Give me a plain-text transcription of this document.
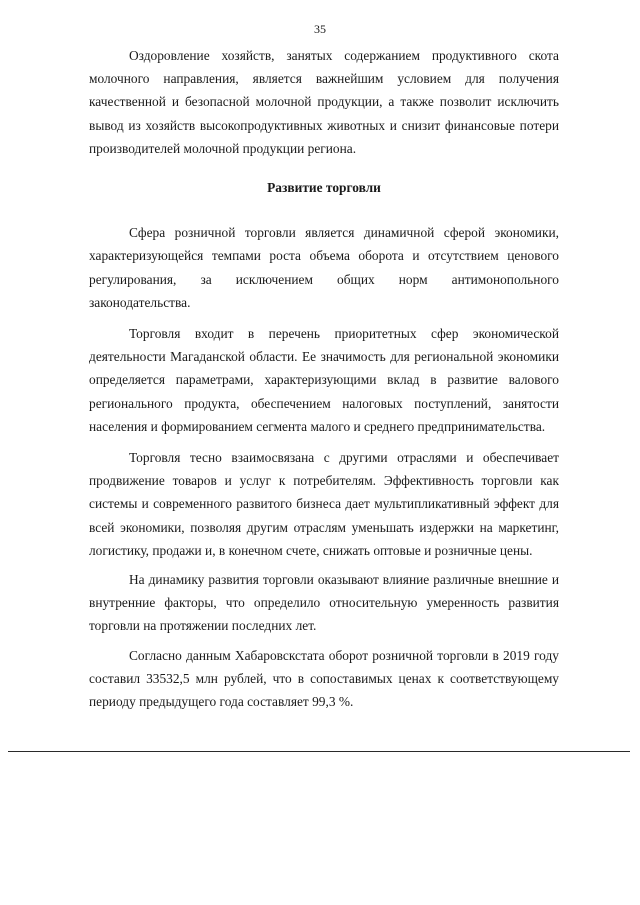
35

Оздоровление хозяйств, занятых содержанием продуктивного скота молочного направления, является важнейшим условием для получения качественной и безопасной молочной продукции, а также позволит исключить вывод из хозяйств высокопродуктивных животных и снизит финансовые потери производителей молочной продукции региона.

Развитие торговли

Сфера розничной торговли является динамичной сферой экономики, характеризующейся темпами роста объема оборота и отсутствием ценового регулирования, за исключением общих норм антимонопольного законодательства.

Торговля входит в перечень приоритетных сфер экономической деятельности Магаданской области. Ее значимость для региональной экономики определяется параметрами, характеризующими вклад в развитие валового регионального продукта, обеспечением налоговых поступлений, занятости населения и формированием сегмента малого и среднего предпринимательства.

Торговля тесно взаимосвязана с другими отраслями и обеспечивает продвижение товаров и услуг к потребителям. Эффективность торговли как системы и современного развитого бизнеса дает мультипликативный эффект для всей экономики, позволяя другим отраслям уменьшать издержки на маркетинг, логистику, продажи и, в конечном счете, снижать оптовые и розничные цены.

На динамику развития торговли оказывают влияние различные внешние и внутренние факторы, что определило относительную умеренность развития торговли на протяжении последних лет.

Согласно данным Хабаровскстата оборот розничной торговли в 2019 году составил 33532,5 млн рублей, что в сопоставимых ценах к соответствующему периоду предыдущего года составляет 99,3 %.
